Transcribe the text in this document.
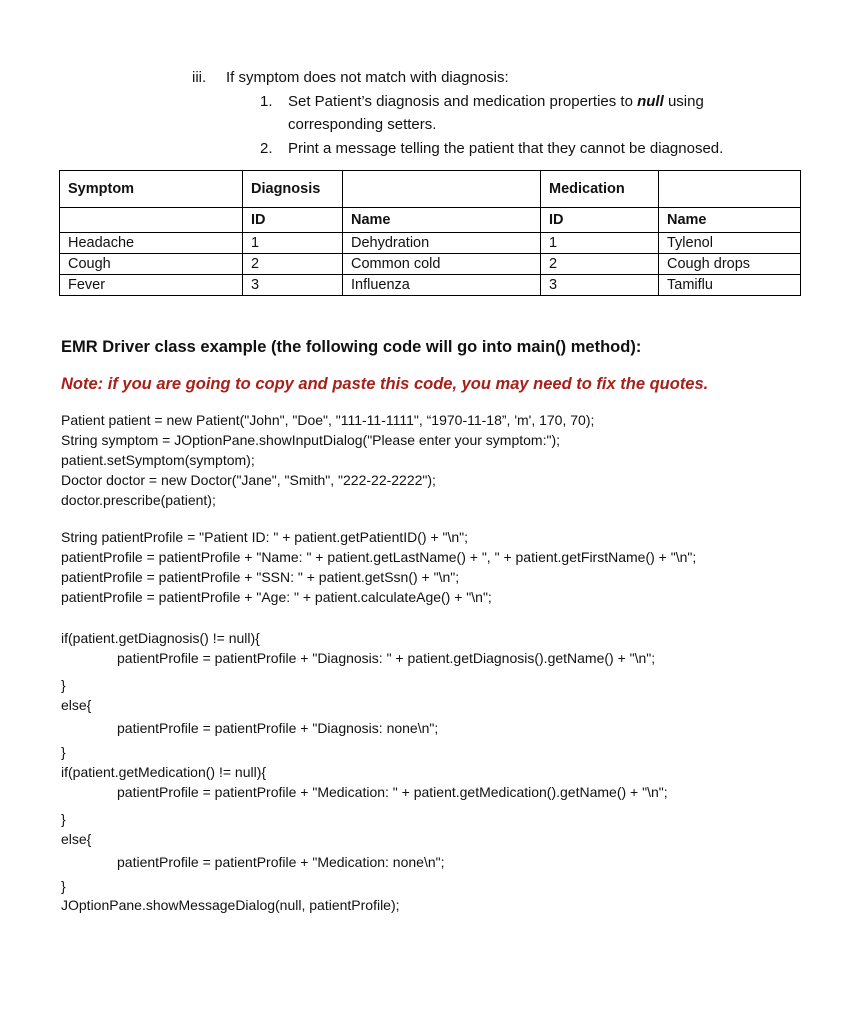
iii. If symptom does not match with diagnosis:
1. Set Patient’s diagnosis and medication properties to null using
corresponding setters.
2. Print a message telling the patient that they cannot be diagnosed.
Symptom	Diagnosis		Medication	
	ID	Name	ID	Name
Headache	1	Dehydration	1	Tylenol
Cough	2	Common cold	2	Cough drops
Fever	3	Influenza	3	Tamiflu
EMR Driver class example (the following code will go into main() method):
Note: if you are going to copy and paste this code, you may need to fix the quotes.
Patient patient = new Patient("John", "Doe", "111-11-1111", “1970-11-18”, 'm', 170, 70);
String symptom = JOptionPane.showInputDialog("Please enter your symptom:");
patient.setSymptom(symptom);
Doctor doctor = new Doctor("Jane", "Smith", "222-22-2222");
doctor.prescribe(patient);
String patientProfile = "Patient ID: " + patient.getPatientID() + "\n";
patientProfile = patientProfile + "Name: " + patient.getLastName() + ", " + patient.getFirstName() + "\n";
patientProfile = patientProfile + "SSN: " + patient.getSsn() + "\n";
patientProfile = patientProfile + "Age: " + patient.calculateAge() + "\n";
if(patient.getDiagnosis() != null){
patientProfile = patientProfile + "Diagnosis: " + patient.getDiagnosis().getName() + "\n";
}
else{
patientProfile = patientProfile + "Diagnosis: none\n";
}
if(patient.getMedication() != null){
patientProfile = patientProfile + "Medication: " + patient.getMedication().getName() + "\n";
}
else{
patientProfile = patientProfile + "Medication: none\n";
}
JOptionPane.showMessageDialog(null, patientProfile);
